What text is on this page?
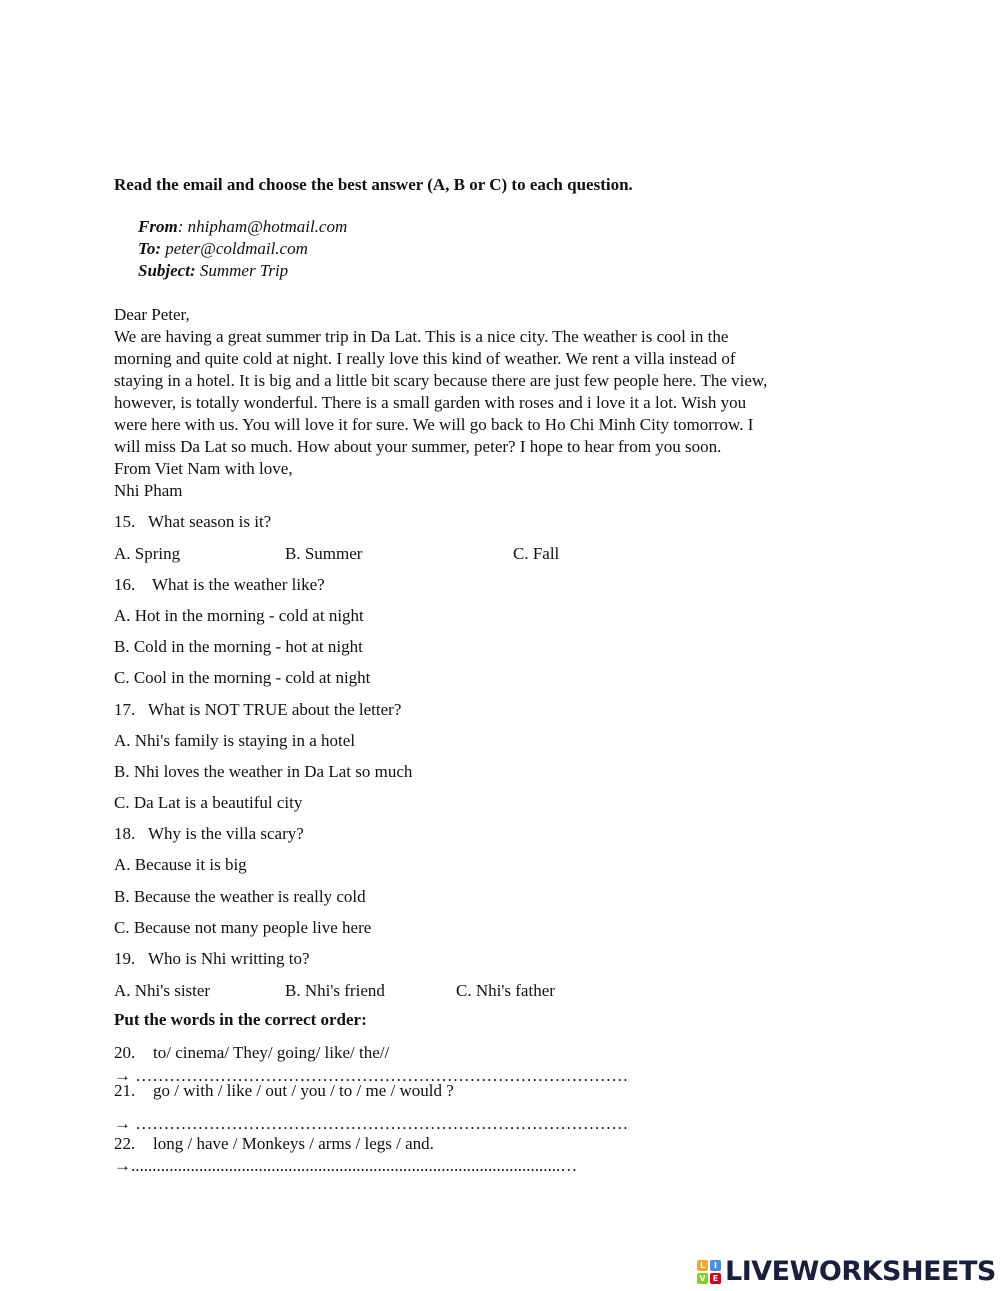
Read the email and choose the best answer (A, B or C) to each question.
From: nhipham@hotmail.com
To: peter@coldmail.com
Subject: Summer Trip
Dear Peter,
We are having a great summer trip in Da Lat. This is a nice city. The weather is cool in the
morning and quite cold at night. I really love this kind of weather. We rent a villa instead of
staying in a hotel. It is big and a little bit scary because there are just few people here. The view,
however, is totally wonderful. There is a small garden with roses and i love it a lot. Wish you
were here with us. You will love it for sure. We will go back to Ho Chi Minh City tomorrow. I
will miss Da Lat so much. How about your summer, peter? I hope to hear from you soon.
From Viet Nam with love,
Nhi Pham
15. What season is it?
A. Spring	B. Summer	C. Fall
16. What is the weather like?
A. Hot in the morning - cold at night
B. Cold in the morning - hot at night
C. Cool in the morning - cold at night
17. What is NOT TRUE about the letter?
A. Nhi's family is staying in a hotel
B. Nhi loves the weather in Da Lat so much
C. Da Lat is a beautiful city
18. Why is the villa scary?
A. Because it is big
B. Because the weather is really cold
C. Because not many people live here
19. Who is Nhi writting to?
A. Nhi's sister	B. Nhi's friend	C. Nhi's father
Put the words in the correct order:
20. to/ cinema/ They/ going/ like/ the//
→ ……………………………………………………………………………
21. go / with / like / out / you / to / me / would ?
→ ……………………………………………………………………………
22. long / have / Monkeys / arms / legs / and.
→.....................................................................................................…
L	I
V E LIVEWORKSHEETS
